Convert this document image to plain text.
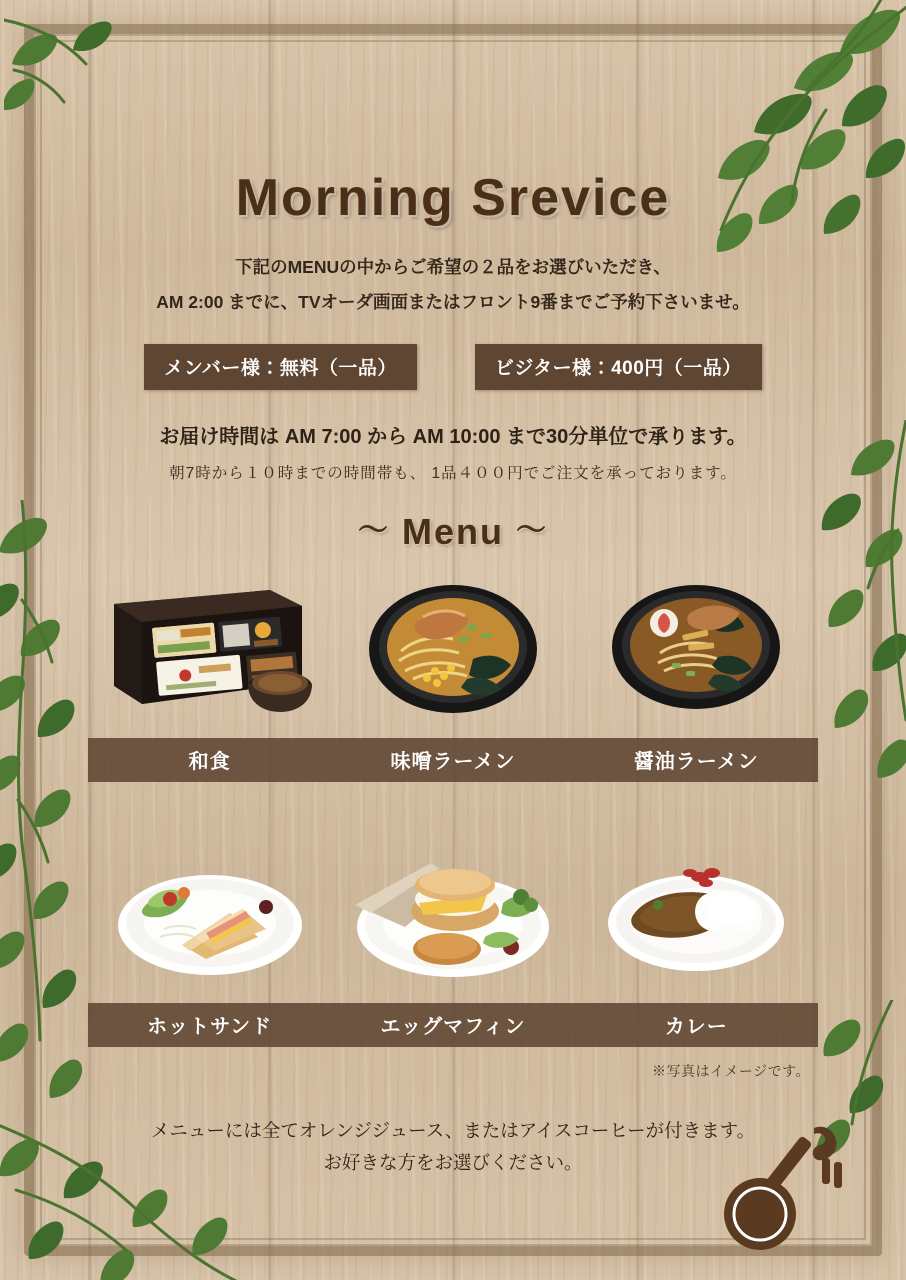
Morning Srevice
下記のMENUの中からご希望の２品をお選びいただき、
AM 2:00 までに、TVオーダ画面またはフロント9番までご予約下さいませ。
メンバー様：無料（一品）	ビジター様：400円（一品）
お届け時間は AM 7:00 から AM 10:00 まで30分単位で承ります。
朝7時から１０時までの時間帯も、 1品４００円でご注文を承っております。
〜 Menu 〜
和食	味噌ラーメン	醤油ラーメン
ホットサンド	エッグマフィン	カレー
※写真はイメージです。
メニューには全てオレンジジュース、またはアイスコーヒーが付きます。
お好きな方をお選びください。
